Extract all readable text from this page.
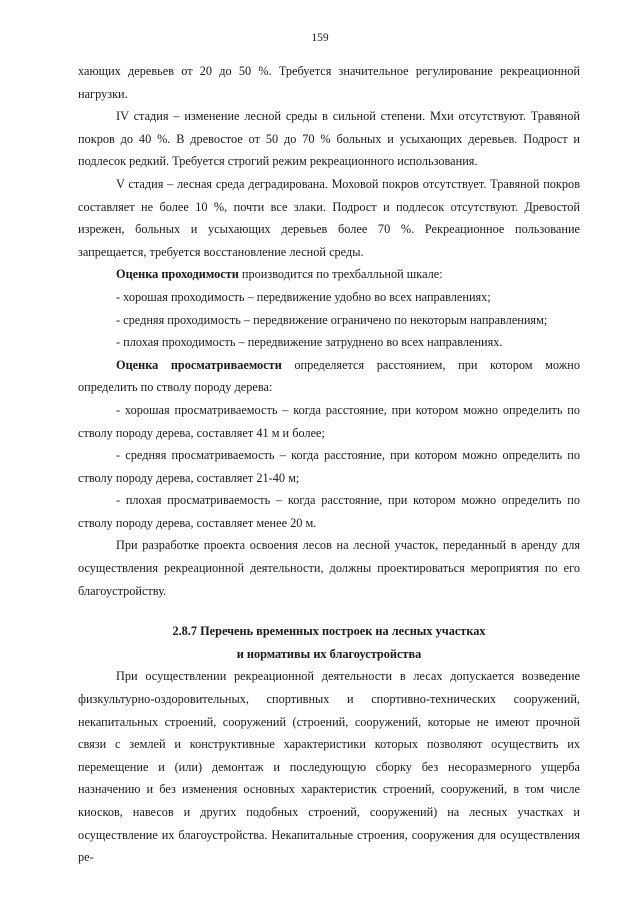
159

хающих деревьев от 20 до 50 %. Требуется значительное регулирование рекреационной нагрузки.

IV стадия – изменение лесной среды в сильной степени. Мхи отсутствуют. Травяной покров до 40 %. В древостое от 50 до 70 % больных и усыхающих деревьев. Подрост и подлесок редкий. Требуется строгий режим рекреационного использования.

V стадия – лесная среда деградирована. Моховой покров отсутствует. Травяной покров составляет не более 10 %, почти все злаки. Подрост и подлесок отсутствуют. Древостой изрежен, больных и усыхающих деревьев более 70 %. Рекреационное пользование запрещается, требуется восстановление лесной среды.

Оценка проходимости производится по трехбалльной шкале:

- хорошая проходимость – передвижение удобно во всех направлениях;

- средняя проходимость – передвижение ограничено по некоторым направлениям;

- плохая проходимость – передвижение затруднено во всех направлениях.

Оценка просматриваемости определяется расстоянием, при котором можно определить по стволу породу дерева:

- хорошая просматриваемость – когда расстояние, при котором можно определить по стволу породу дерева, составляет 41 м и более;

- средняя просматриваемость – когда расстояние, при котором можно определить по стволу породу дерева, составляет 21-40 м;

- плохая просматриваемость – когда расстояние, при котором можно определить по стволу породу дерева, составляет менее 20 м.

При разработке проекта освоения лесов на лесной участок, переданный в аренду для осуществления рекреационной деятельности, должны проектироваться мероприятия по его благоустройству.

2.8.7 Перечень временных построек на лесных участках

и нормативы их благоустройства

При осуществлении рекреационной деятельности в лесах допускается возведение физкультурно-оздоровительных, спортивных и спортивно-технических сооружений, некапитальных строений, сооружений (строений, сооружений, которые не имеют прочной связи с землей и конструктивные характеристики которых позволяют осуществить их перемещение и (или) демонтаж и последующую сборку без несоразмерного ущерба назначению и без изменения основных характеристик строений, сооружений, в том числе киосков, навесов и других подобных строений, сооружений) на лесных участках и осуществление их благоустройства. Некапитальные строения, сооружения для осуществления ре-
